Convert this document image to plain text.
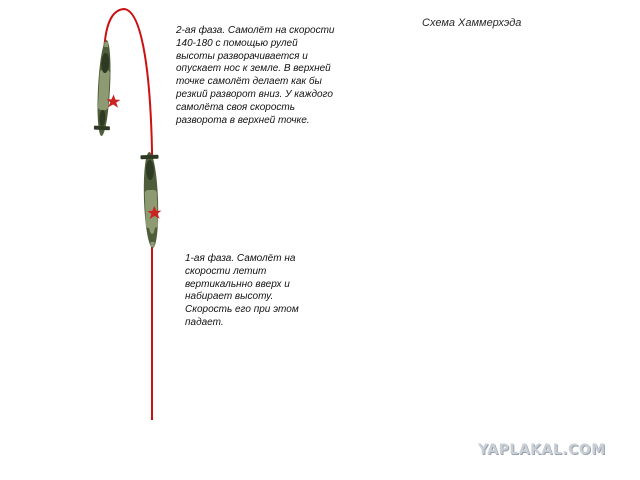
Схема Хаммерхэда
2-ая фаза. Самолёт на скорости
140-180 с помощью рулей
высоты разворачивается и
опускает нос к земле. В верхней
точке самолёт делает как бы
резкий разворот вниз. У каждого
самолёта своя скорость
разворота в верхней точке.
1-ая фаза. Самолёт на
скорости летит
вертикальнно вверх и
набирает высоту.
Скорость его при этом
падает.
YAPLAKAL.COM
